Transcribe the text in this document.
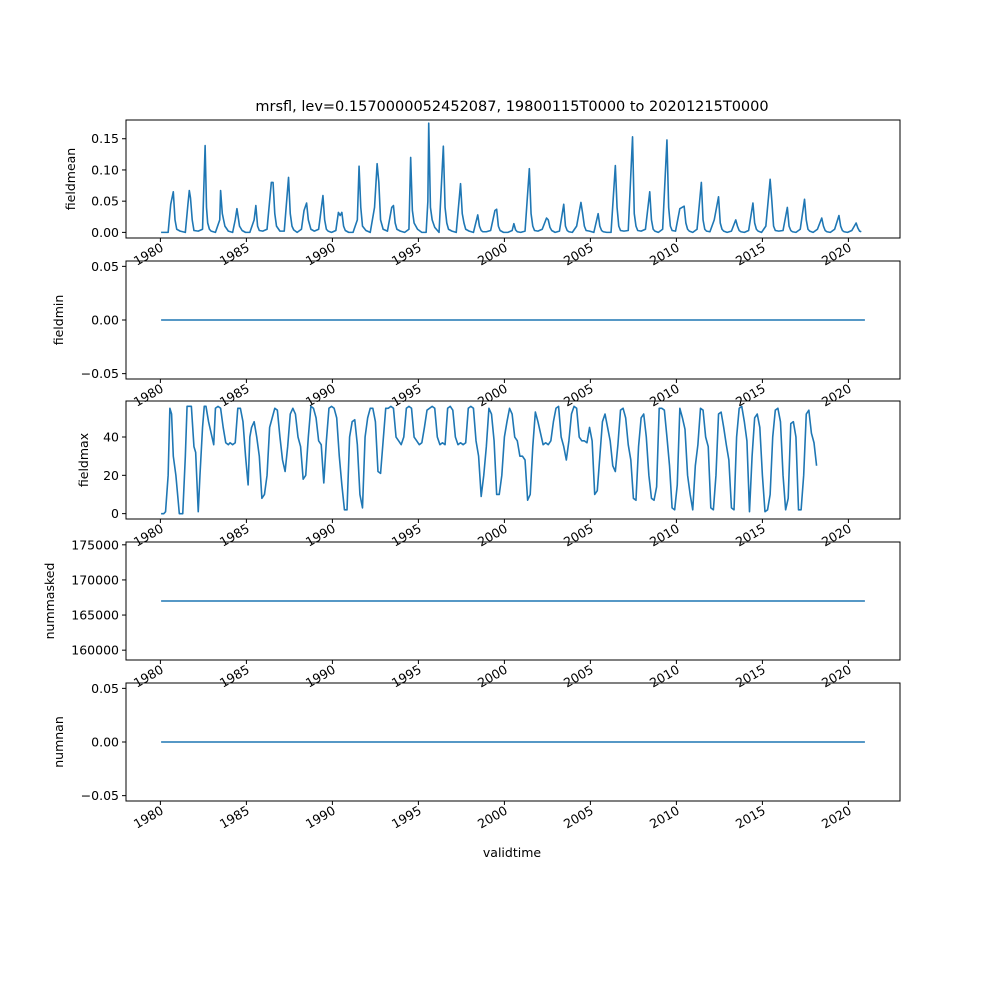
mrsfl, lev=0.1570000052452087, 19800115T0000 to 20201215T0000
0.00
0.05
0.10
0.15
fieldmean
1980	1985	1990	1995	2000	2005	2010	2015	2020
−0.05
0.00
0.05
fieldmin
1980	1985	1990	1995	2000	2005	2010	2015	2020
0
20
40
fieldmax
1980	1985	1990	1995	2000	2005	2010	2015	2020
160000
165000
170000
175000
nummasked
1980	1985	1990	1995	2000	2005	2010	2015	2020
−0.05
0.00
0.05
numnan
1980	1985	1990	1995	2000	2005	2010	2015	2020
validtime
